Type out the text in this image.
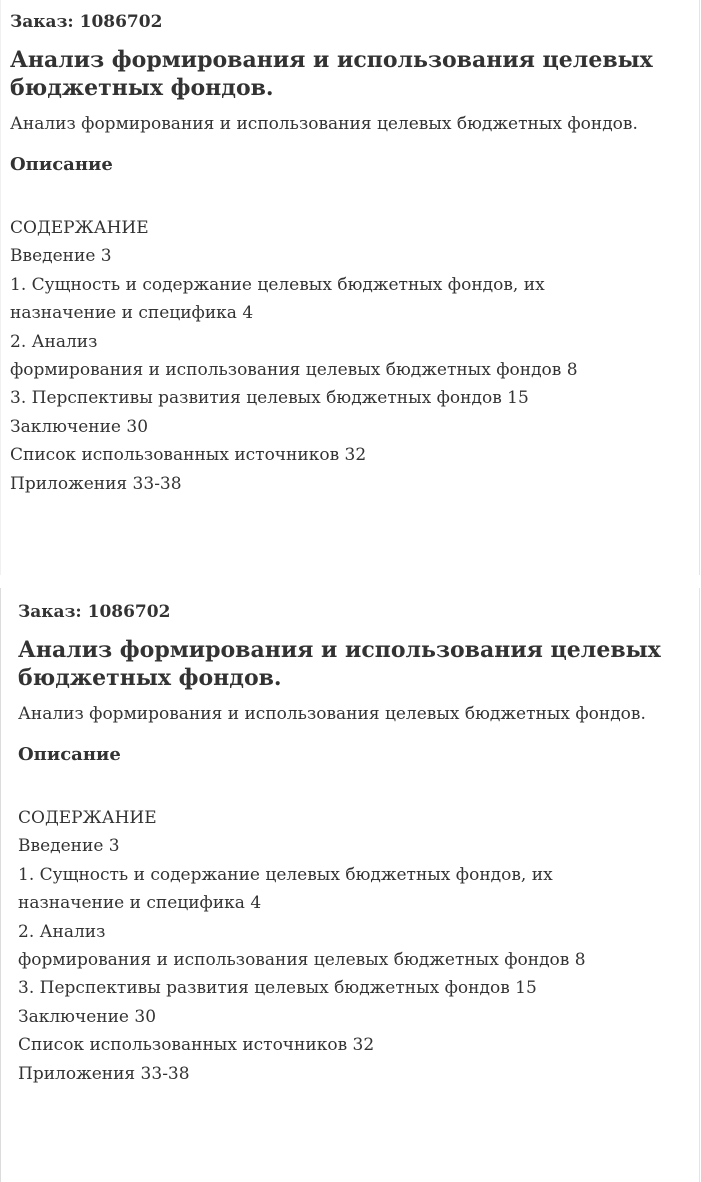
Заказ: 1086702
Анализ формирования и использования целевых бюджетных фондов.
Анализ формирования и использования целевых бюджетных фондов.
Описание
СОДЕРЖАНИЕ
Введение 3
1. Сущность и содержание целевых бюджетных фондов, их
назначение и специфика 4
2. Анализ
формирования и использования целевых бюджетных фондов 8
3. Перспективы развития целевых бюджетных фондов 15
Заключение 30
Список использованных источников 32
Приложения 33-38
Заказ: 1086702
Анализ формирования и использования целевых бюджетных фондов.
Анализ формирования и использования целевых бюджетных фондов.
Описание
СОДЕРЖАНИЕ
Введение 3
1. Сущность и содержание целевых бюджетных фондов, их
назначение и специфика 4
2. Анализ
формирования и использования целевых бюджетных фондов 8
3. Перспективы развития целевых бюджетных фондов 15
Заключение 30
Список использованных источников 32
Приложения 33-38
